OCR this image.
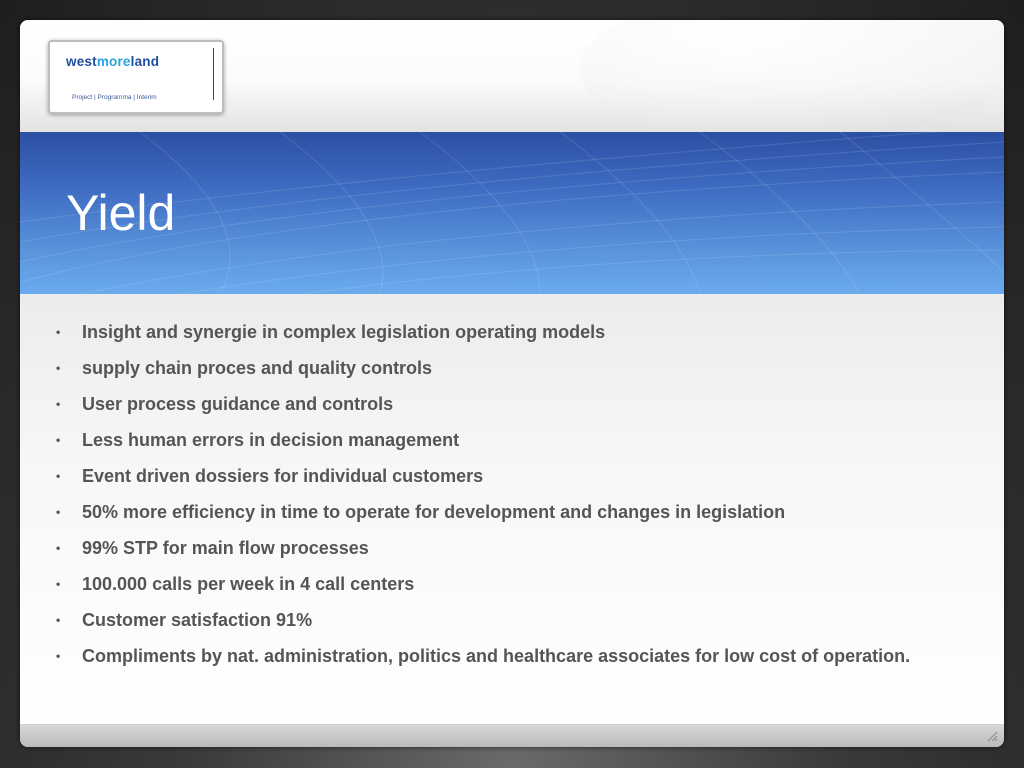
westmoreland
Project | Programma | Interim
Yield
• Insight and synergie in complex legislation operating models
• supply chain proces and quality controls
• User process guidance and controls
• Less human errors in decision management
• Event driven dossiers for individual customers
• 50% more efficiency in time to operate for development and changes in legislation
• 99% STP for main flow processes
• 100.000 calls per week in 4 call centers
• Customer satisfaction 91%
• Compliments by nat. administration, politics and healthcare associates for low cost of operation.
